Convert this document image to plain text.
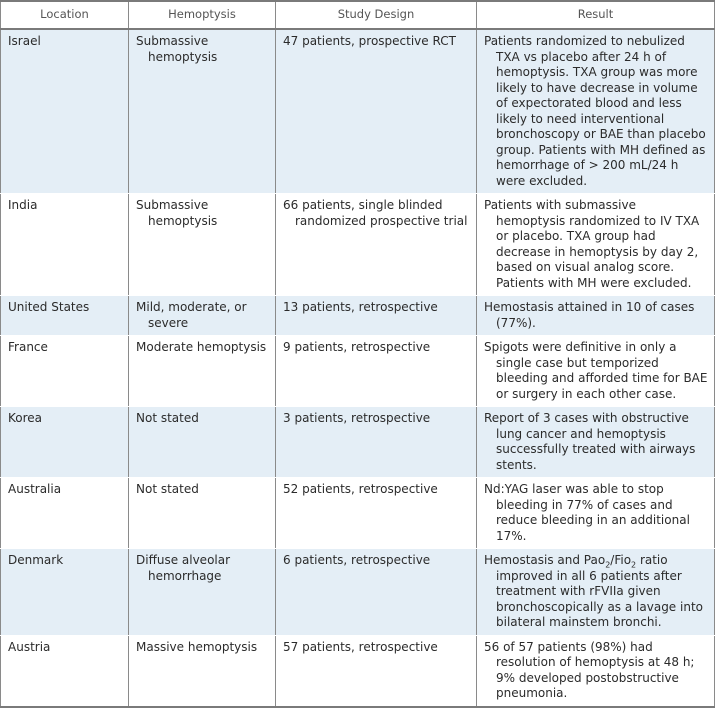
Location	Hemoptysis	Study Design	Result
Israel	Submassive hemoptysis	47 patients, prospective RCT	Patients randomized to nebulized TXA vs placebo after 24 h of hemoptysis. TXA group was more likely to have decrease in volume of expectorated blood and less likely to need interventional bronchoscopy or BAE than placebo group. Patients with MH defined as hemorrhage of > 200 mL/24 h were excluded.

India	Submassive hemoptysis	66 patients, single blinded randomized prospective trial	Patients with submassive hemoptysis randomized to IV TXA or placebo. TXA group had decrease in hemoptysis by day 2, based on visual analog score. Patients with MH were excluded.

United States	Mild, moderate, or severe	13 patients, retrospective	Hemostasis attained in 10 of cases (77%).

France	Moderate hemoptysis	9 patients, retrospective	Spigots were definitive in only a single case but temporized bleeding and afforded time for BAE or surgery in each other case.

Korea	Not stated	3 patients, retrospective	Report of 3 cases with obstructive lung cancer and hemoptysis successfully treated with airways stents.

Australia	Not stated	52 patients, retrospective	Nd:YAG laser was able to stop bleeding in 77% of cases and reduce bleeding in an additional 17%.

Denmark	Diffuse alveolar hemorrhage	6 patients, retrospective	Hemostasis and Pao$_2$/Fio$_2$ ratio improved in all 6 patients after treatment with rFVIIa given bronchoscopically as a lavage into bilateral mainstem bronchi.

Austria	Massive hemoptysis	57 patients, retrospective	56 of 57 patients (98%) had resolution of hemoptysis at 48 h; 9% developed postobstructive pneumonia.
